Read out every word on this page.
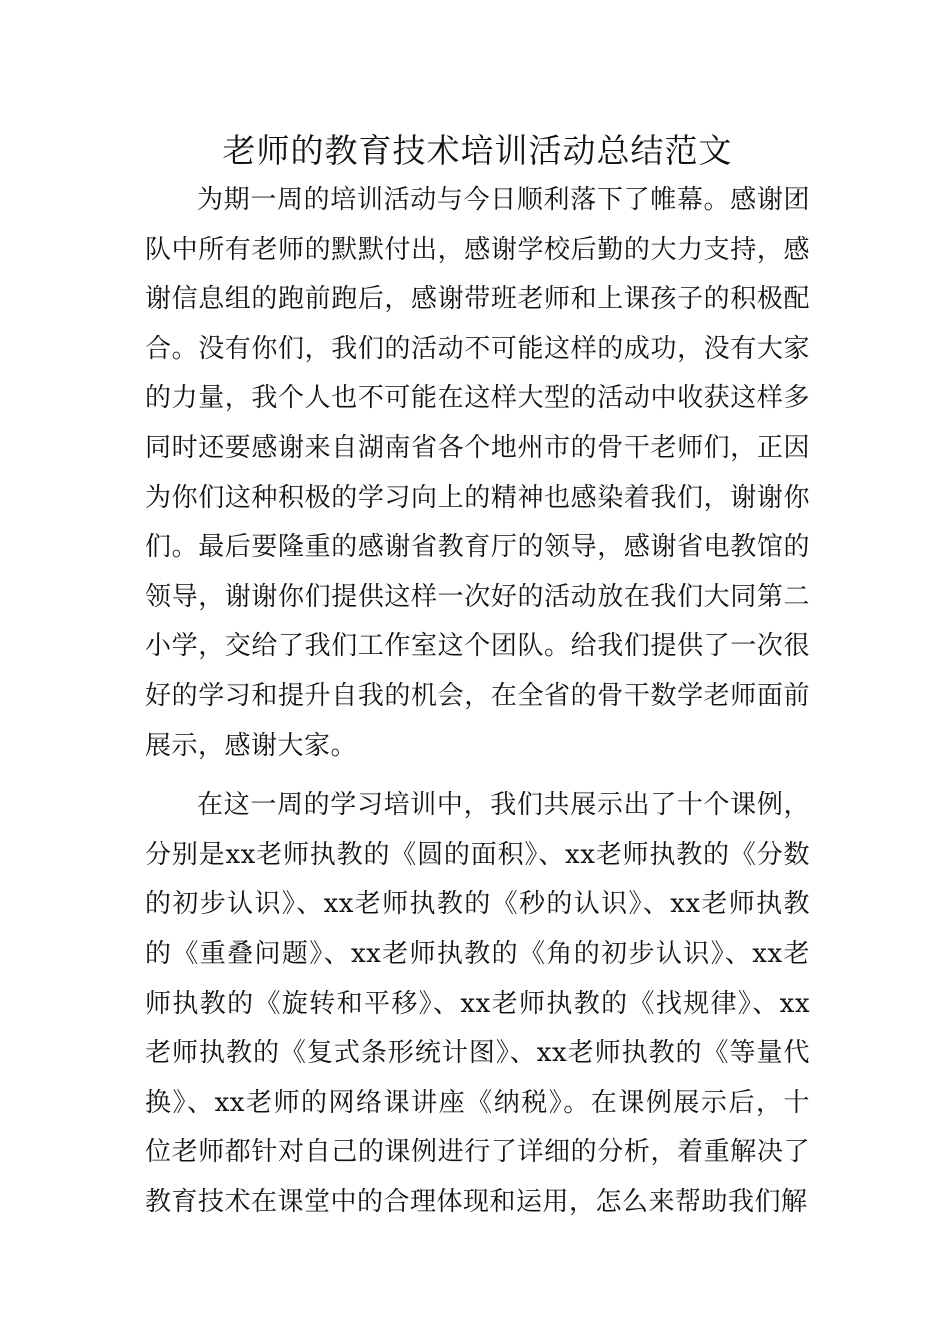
老师的教育技术培训活动总结范文

为期一周的培训活动与今日顺利落下了帷幕。感谢团队中所有老师的默默付出，感谢学校后勤的大力支持，感谢信息组的跑前跑后，感谢带班老师和上课孩子的积极配合。没有你们，我们的活动不可能这样的成功，没有大家的力量，我个人也不可能在这样大型的活动中收获这样多同时还要感谢来自湖南省各个地州市的骨干老师们，正因为你们这种积极的学习向上的精神也感染着我们，谢谢你们。最后要隆重的感谢省教育厅的领导，感谢省电教馆的领导，谢谢你们提供这样一次好的活动放在我们大同第二小学，交给了我们工作室这个团队。给我们提供了一次很好的学习和提升自我的机会，在全省的骨干数学老师面前展示，感谢大家。

在这一周的学习培训中，我们共展示出了十个课例，分别是xx老师执教的《圆的面积》、xx老师执教的《分数的初步认识》、xx老师执教的《秒的认识》、xx老师执教的《重叠问题》、xx老师执教的《角的初步认识》、xx老师执教的《旋转和平移》、xx老师执教的《找规律》、xx老师执教的《复式条形统计图》、xx老师执教的《等量代换》、xx老师的网络课讲座《纳税》。在课例展示后，十位老师都针对自己的课例进行了详细的分析，着重解决了教育技术在课堂中的合理体现和运用，怎么来帮助我们解
